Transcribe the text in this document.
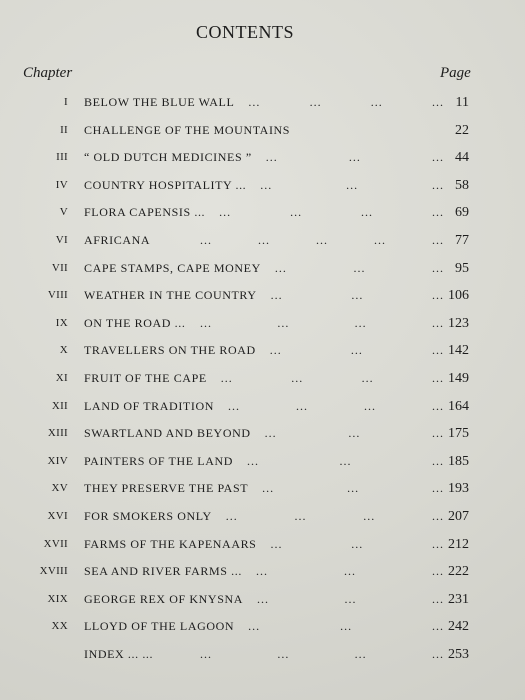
CONTENTS
Chapter	Page
I BELOW THE BLUE WALL ...	...	...	... 11
II CHALLENGE OF THE MOUNTAINS	22
III “ OLD DUTCH MEDICINES ” ...	...	... 44
IV COUNTRY HOSPITALITY ... ...	...	... 58
V FLORA CAPENSIS ... ...	...	...	... 69
VI AFRICANA	...	...	...	...	... 77
VII CAPE STAMPS, CAPE MONEY ...	...	... 95
VIII WEATHER IN THE COUNTRY ...	...	... 106
IX ON THE ROAD ... ...	...	...	... 123
X TRAVELLERS ON THE ROAD ...	...	... 142
XI FRUIT OF THE CAPE ...	...	...	... 149
XII LAND OF TRADITION ...	...	...	... 164
XIII SWARTLAND AND BEYOND ...	...	... 175
XIV PAINTERS OF THE LAND ...	...	... 185
XV THEY PRESERVE THE PAST ...	...	... 193
XVI FOR SMOKERS ONLY ...	...	...	... 207
XVII FARMS OF THE KAPENAARS ...	...	... 212
XVIII SEA AND RIVER FARMS ... ...	...	... 222
XIX GEORGE REX OF KNYSNA ...	...	... 231
XX LLOYD OF THE LAGOON ...	...	... 242
INDEX ... ...	...	...	...	... 253
